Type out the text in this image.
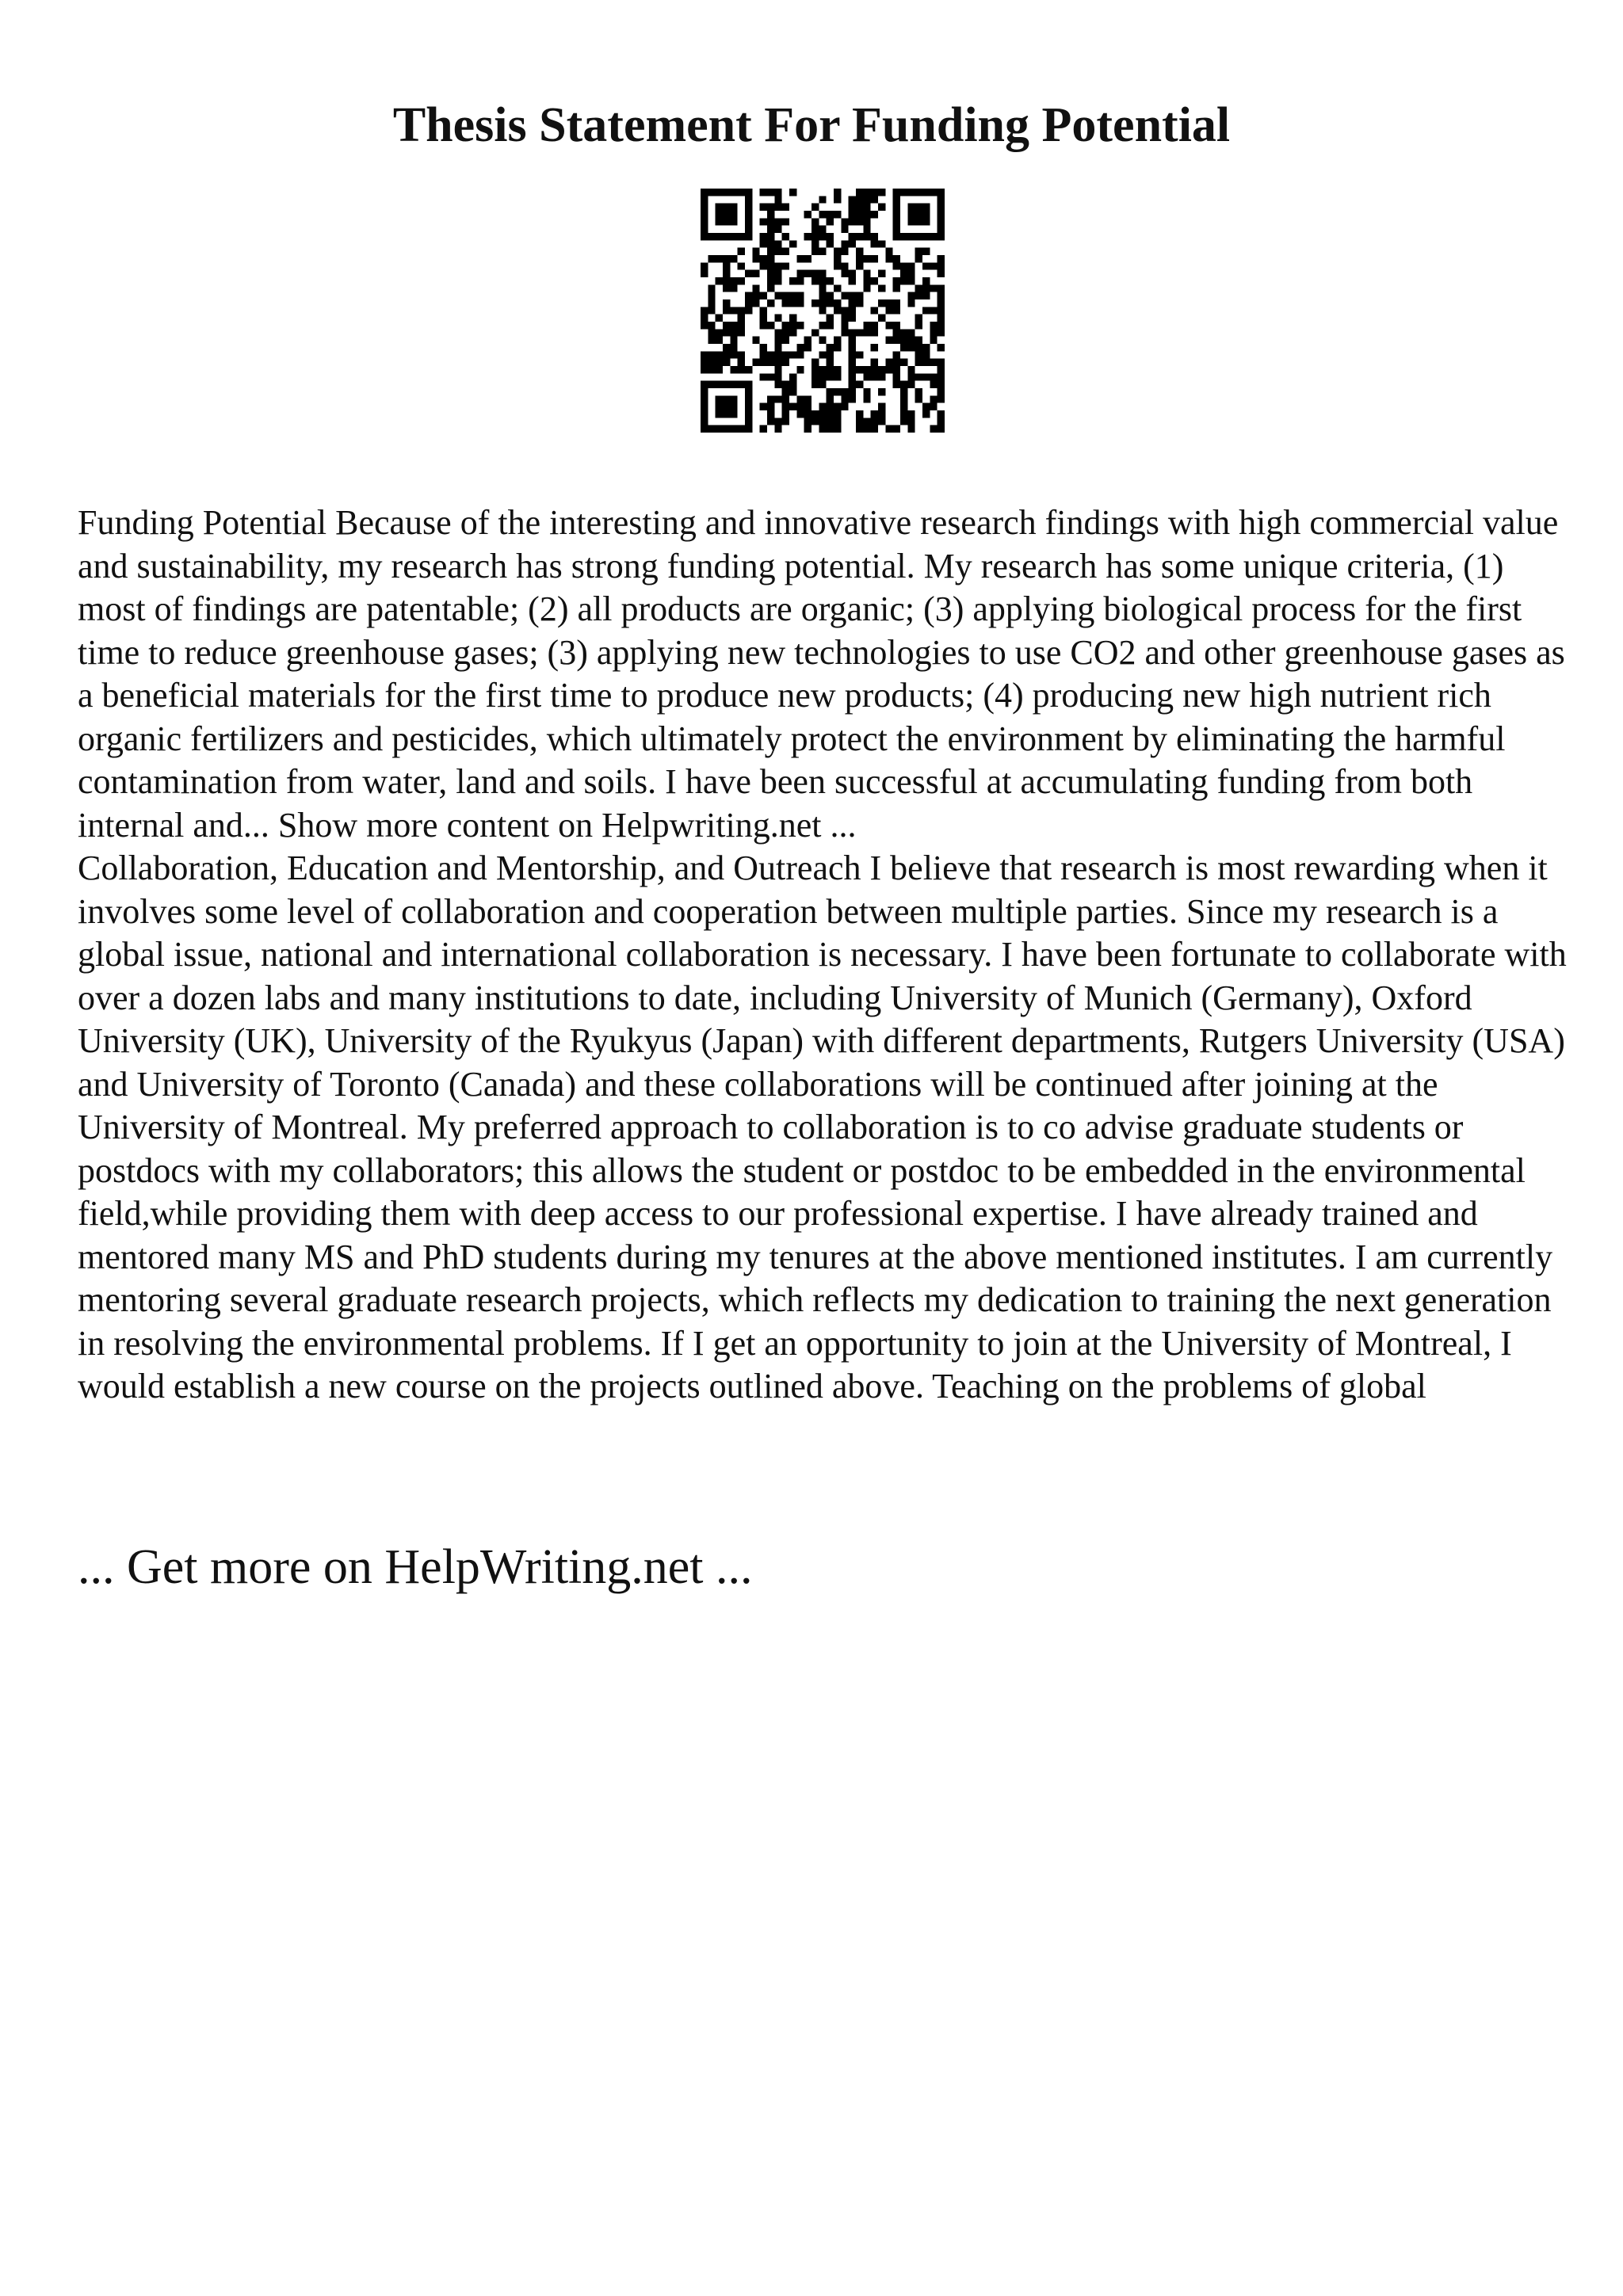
Thesis Statement For Funding Potential

Funding Potential Because of the interesting and innovative research findings with high commercial value and sustainability, my research has strong funding potential. My research has some unique criteria, (1) most of findings are patentable; (2) all products are organic; (3) applying biological process for the first time to reduce greenhouse gases; (3) applying new technologies to use CO2 and other greenhouse gases as a beneficial materials for the first time to produce new products; (4) producing new high nutrient rich organic fertilizers and pesticides, which ultimately protect the environment by eliminating the harmful contamination from water, land and soils. I have been successful at accumulating funding from both internal and... Show more content on Helpwriting.net ...

Collaboration, Education and Mentorship, and Outreach I believe that research is most rewarding when it involves some level of collaboration and cooperation between multiple parties. Since my research is a global issue, national and international collaboration is necessary. I have been fortunate to collaborate with over a dozen labs and many institutions to date, including University of Munich (Germany), Oxford University (UK), University of the Ryukyus (Japan) with different departments, Rutgers University (USA) and University of Toronto (Canada) and these collaborations will be continued after joining at the University of Montreal. My preferred approach to collaboration is to co advise graduate students or postdocs with my collaborators; this allows the student or postdoc to be embedded in the environmental field,while providing them with deep access to our professional expertise. I have already trained and mentored many MS and PhD students during my tenures at the above mentioned institutes. I am currently mentoring several graduate research projects, which reflects my dedication to training the next generation in resolving the environmental problems. If I get an opportunity to join at the University of Montreal, I would establish a new course on the projects outlined above. Teaching on the problems of global

... Get more on HelpWriting.net ...
